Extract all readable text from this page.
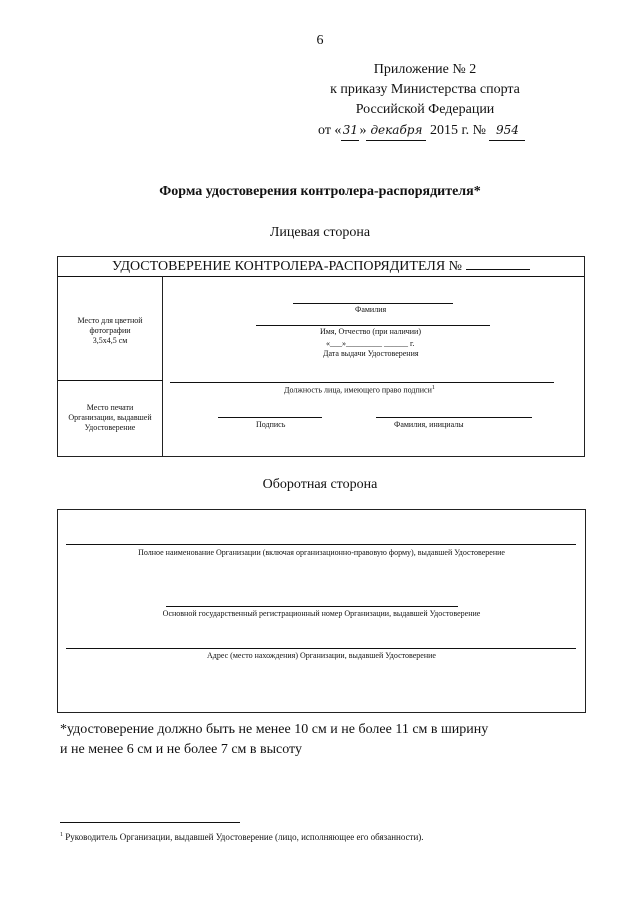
6
Приложение № 2
к приказу Министерства спорта
Российской Федерации
от «31» декабря 2015 г. № 954
Форма удостоверения контролера-распорядителя*
Лицевая сторона
УДОСТОВЕРЕНИЕ КОНТРОЛЕРА-РАСПОРЯДИТЕЛЯ №
Место для цветной
фотографии
3,5х4,5 см
Место печати
Организации, выдавшей
Удостоверение
Фамилия
Имя, Отчество (при наличии)
«___»_________ ______ г.
Дата выдачи Удостоверения
Должность лица, имеющего право подписи$^1$
Подпись	Фамилия, инициалы
Оборотная сторона
Полное наименование Организации (включая организационно-правовую форму), выдавшей Удостоверение
Основной государственный регистрационный номер Организации, выдавшей Удостоверение
Адрес (место нахождения) Организации, выдавшей Удостоверение
*удостоверение должно быть не менее 10 см и не более 11 см в ширину
и не менее 6 см и не более 7 см в высоту
$^1$ Руководитель Организации, выдавшей Удостоверение (лицо, исполняющее его обязанности).
